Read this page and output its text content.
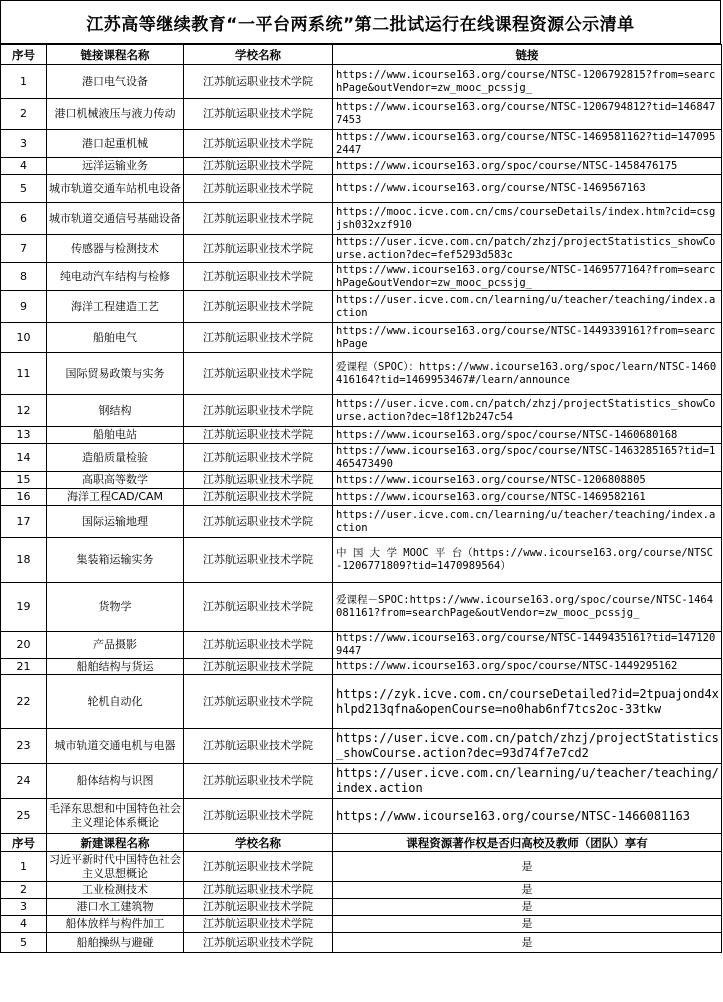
江苏高等继续教育“一平台两系统”第二批试运行在线课程资源公示清单
序号	链接课程名称	学校名称	链接
1	港口电气设备	江苏航运职业技术学院	https://www.icourse163.org/course/NTSC-1206792815?from=searchPage&outVendor=zw_mooc_pcssjg_
2	港口机械液压与液力传动	江苏航运职业技术学院	https://www.icourse163.org/course/NTSC-1206794812?tid=1468477453
3	港口起重机械	江苏航运职业技术学院	https://www.icourse163.org/course/NTSC-1469581162?tid=1470952447
4	远洋运输业务	江苏航运职业技术学院	https://www.icourse163.org/spoc/course/NTSC-1458476175
5	城市轨道交通车站机电设备	江苏航运职业技术学院	https://www.icourse163.org/course/NTSC-1469567163
6	城市轨道交通信号基础设备	江苏航运职业技术学院	https://mooc.icve.com.cn/cms/courseDetails/index.htm?cid=csgjsh032xzf910
7	传感器与检测技术	江苏航运职业技术学院	https://user.icve.com.cn/patch/zhzj/projectStatistics_showCourse.action?dec=fef5293d583c
8	纯电动汽车结构与检修	江苏航运职业技术学院	https://www.icourse163.org/course/NTSC-1469577164?from=searchPage&outVendor=zw_mooc_pcssjg_
9	海洋工程建造工艺	江苏航运职业技术学院	https://user.icve.com.cn/learning/u/teacher/teaching/index.action
10	船舶电气	江苏航运职业技术学院	https://www.icourse163.org/course/NTSC-1449339161?from=searchPage
11	国际贸易政策与实务	江苏航运职业技术学院	爱课程（SPOC）：https://www.icourse163.org/spoc/learn/NTSC-1460416164?tid=1469953467#/learn/announce
12	钢结构	江苏航运职业技术学院	https://user.icve.com.cn/patch/zhzj/projectStatistics_showCourse.action?dec=18f12b247c54
13	船舶电站	江苏航运职业技术学院	https://www.icourse163.org/spoc/course/NTSC-1460680168
14	造船质量检验	江苏航运职业技术学院	https://www.icourse163.org/spoc/course/NTSC-1463285165?tid=1465473490
15	高职高等数学	江苏航运职业技术学院	https://www.icourse163.org/course/NTSC-1206808805
16	海洋工程CAD/CAM	江苏航运职业技术学院	https://www.icourse163.org/course/NTSC-1469582161
17	国际运输地理	江苏航运职业技术学院	https://user.icve.com.cn/learning/u/teacher/teaching/index.action
18	集装箱运输实务	江苏航运职业技术学院	中 国 大 学 MOOC 平 台（https://www.icourse163.org/course/NTSC-1206771809?tid=1470989564）
19	货物学	江苏航运职业技术学院	爱课程－SPOC:https://www.icourse163.org/spoc/course/NTSC-1464081161?from=searchPage&outVendor=zw_mooc_pcssjg_
20	产品摄影	江苏航运职业技术学院	https://www.icourse163.org/course/NTSC-1449435161?tid=1471209447
21	船舶结构与货运	江苏航运职业技术学院	https://www.icourse163.org/spoc/course/NTSC-1449295162
22	轮机自动化	江苏航运职业技术学院	https://zyk.icve.com.cn/courseDetailed?id=2tpuajond4xhlpd213qfna&openCourse=no0hab6nf7tcs2oc-33tkw
23	城市轨道交通电机与电器	江苏航运职业技术学院	https://user.icve.com.cn/patch/zhzj/projectStatistics_showCourse.action?dec=93d74f7e7cd2
24	船体结构与识图	江苏航运职业技术学院	https://user.icve.com.cn/learning/u/teacher/teaching/index.action
25	毛泽东思想和中国特色社会主义理论体系概论	江苏航运职业技术学院	https://www.icourse163.org/course/NTSC-1466081163
序号	新建课程名称	学校名称	课程资源著作权是否归高校及教师（团队）享有
1	习近平新时代中国特色社会主义思想概论	江苏航运职业技术学院	是
2	工业检测技术	江苏航运职业技术学院	是
3	港口水工建筑物	江苏航运职业技术学院	是
4	船体放样与构件加工	江苏航运职业技术学院	是
5	船舶操纵与避碰	江苏航运职业技术学院	是
